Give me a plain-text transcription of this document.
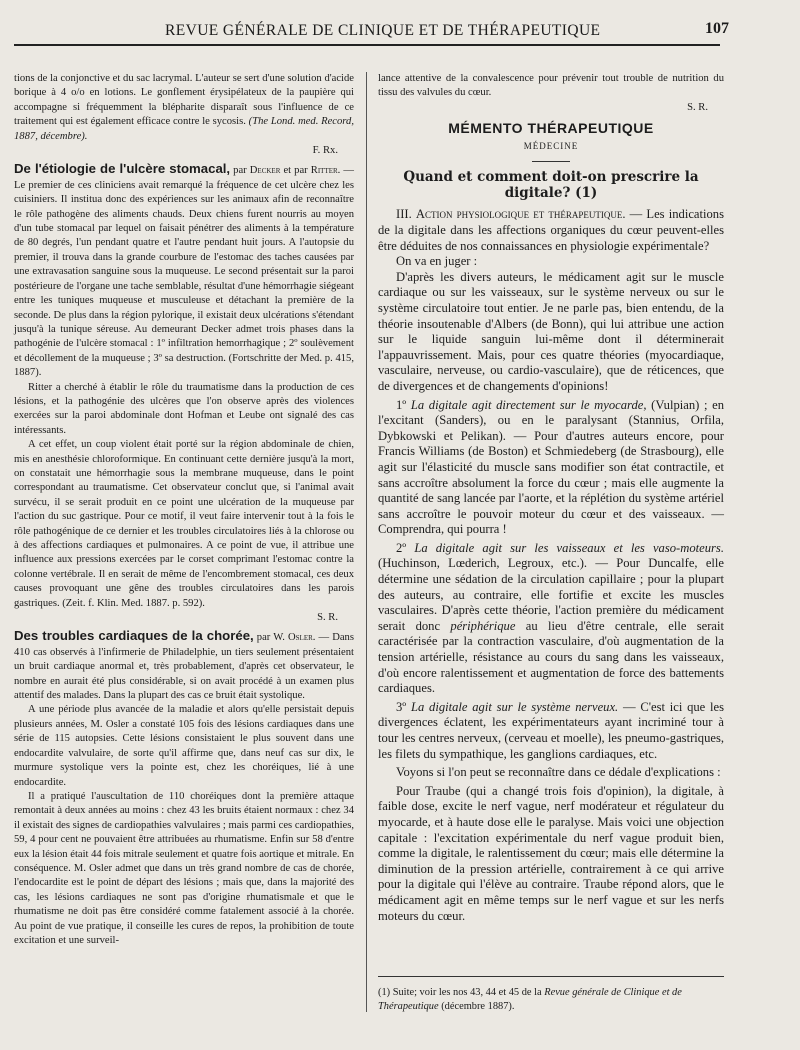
REVUE GÉNÉRALE DE CLINIQUE ET DE THÉRAPEUTIQUE	107

tions de la conjonctive et du sac lacrymal. L'auteur se sert d'une solution d'acide borique à 4 o/o en lotions. Le gonflement érysipélateux de la paupière qui accompagne si fréquemment la blépharite disparaît sous l'influence de ce traitement qui est également efficace contre le sycosis. (The Lond. med. Record, 1887, décembre).

F. Rx.

De l'étiologie de l'ulcère stomacal, par Decker et par Ritter. — Le premier de ces cliniciens avait remarqué la fréquence de cet ulcère chez les cuisiniers. Il institua donc des expériences sur les animaux afin de reconnaître le rôle pathogène des aliments chauds. Deux chiens furent nourris au moyen d'un tube stomacal par lequel on faisait pénétrer des aliments à la température de 80 degrés, l'un pendant quatre et l'autre pendant huit jours. A l'autopsie du premier, il trouva dans la grande courbure de l'estomac des taches causées par une extravasation sanguine sous la muqueuse. Le second présentait sur la paroi postérieure de l'organe une tache semblable, résultat d'une hémorrhagie siégeant entre les tuniques muqueuse et musculeuse et détachant la première de la seconde. De plus dans la région pylorique, il existait deux ulcérations s'étendant jusqu'à la tunique séreuse. Au demeurant Decker admet trois phases dans la pathogénie de l'ulcère stomacal : 1º infiltration hemorrhagique ; 2º soulèvement et décollement de la muqueuse ; 3º sa destruction. (Fortschritte der Med. p. 415, 1887).

Ritter a cherché à établir le rôle du traumatisme dans la production de ces lésions, et la pathogénie des ulcères que l'on observe après des violences exercées sur la paroi abdominale dont Hofman et Leube ont signalé des cas intéressants.

A cet effet, un coup violent était porté sur la région abdominale de chien, mis en anesthésie chloroformique. En continuant cette dernière jusqu'à la mort, on constatait une hémorrhagie sous la membrane muqueuse, dans le point correspondant au traumatisme. Cet observateur conclut que, si l'animal avait survécu, il se serait produit en ce point une ulcération de la muqueuse par l'action du suc gastrique. Pour ce motif, il veut faire intervenir tout à la fois le rôle pathogénique de ce dernier et les troubles circulatoires liés à la chlorose ou à des affections cardiaques et pulmonaires. A ce point de vue, il attribue une influence aux pressions exercées par le corset comprimant l'estomac contre la colonne vertébrale. Il en serait de même de l'encombrement stomacal, ces deux causes provoquant une gêne des troubles circulatoires dans les parois gastriques. (Zeit. f. Klin. Med. 1887. p. 592).

S. R.

Des troubles cardiaques de la chorée, par W. Osler. — Dans 410 cas observés à l'infirmerie de Philadelphie, un tiers seulement présentaient un bruit cardiaque anormal et, très probablement, d'après cet observateur, le nombre en aurait été plus considérable, si on avait procédé à un examen plus attentif des malades. Dans la plupart des cas ce bruit était systolique.

A une période plus avancée de la maladie et alors qu'elle persistait depuis plusieurs années, M. Osler a constaté 105 fois des lésions cardiaques dans une série de 115 autopsies. Cette lésions consistaient le plus souvent dans une endocardite valvulaire, de sorte qu'il affirme que, dans neuf cas sur dix, le murmure systolique vers la pointe est, chez les choréiques, lié à une endocardite.

Il a pratiqué l'auscultation de 110 choréiques dont la première attaque remontait à deux années au moins : chez 43 les bruits étaient normaux : chez 34 il existait des signes de cardiopathies valvulaires ; mais parmi ces cardiopathies, 59, 4 pour cent ne pouvaient être attribuées au rhumatisme. Enfin sur 58 d'entre eux la lésion était 44 fois mitrale seulement et quatre fois aortique et mitrale. En conséquence. M. Osler admet que dans un très grand nombre de cas de chorée, l'endocardite est le point de départ des lésions ; mais que, dans la majorité des cas, les lésions cardiaques ne sont pas d'origine rhumatismale et que le rhumatisme ne doit pas être considéré comme fatalement associé à la chorée. Au point de vue pratique, il conseille les cures de repos, la prohibition de toute excitation et une surveil-

lance attentive de la convalescence pour prévenir tout trouble de nutrition du tissu des valvules du cœur.

S. R.

MÉMENTO THÉRAPEUTIQUE
MÉDECINE
Quand et comment doit-on prescrire la digitale? (1)

III. Action physiologique et thérapeutique. — Les indications de la digitale dans les affections organiques du cœur peuvent-elles être déduites de nos connaissances en physiologie expérimentale?

On va en juger :

D'après les divers auteurs, le médicament agit sur le muscle cardiaque ou sur les vaisseaux, sur le système nerveux ou sur le système circulatoire tout entier. Je ne parle pas, bien entendu, de la théorie insoutenable d'Albers (de Bonn), qui lui attribue une action sur le liquide sanguin lui-même dont il déterminerait l'appauvrissement. Mais, pour ces quatre théories (myocardiaque, vasculaire, nerveuse, ou cardio-vasculaire), que de réticences, que de divergences et de changements d'opinions!

1º La digitale agit directement sur le myocarde, (Vulpian) ; en l'excitant (Sanders), ou en le paralysant (Stannius, Orfila, Dybkowski et Pelikan). — Pour d'autres auteurs encore, pour Francis Williams (de Boston) et Schmiedeberg (de Strasbourg), elle agit sur l'élasticité du muscle sans modifier son état contractile, et sans accroître absolument la force du cœur ; mais elle augmente la quantité de sang lancée par l'aorte, et la réplétion du système artériel sans accroître le pouvoir moteur du cœur et des vaisseaux. — Comprendra, qui pourra !

2º La digitale agit sur les vaisseaux et les vaso-moteurs. (Huchinson, Lœderich, Legroux, etc.). — Pour Duncalfe, elle détermine une sédation de la circulation capillaire ; pour la plupart des auteurs, au contraire, elle fortifie et excite les muscles vasculaires. D'après cette théorie, l'action première du médicament serait donc périphérique au lieu d'être centrale, elle serait caractérisée par la contraction vasculaire, d'où augmentation de la tension artérielle, résistance au cours du sang dans les vaisseaux, d'où encore ralentissement et augmentation de force des battements cardiaques.

3º La digitale agit sur le système nerveux. — C'est ici que les divergences éclatent, les expérimentateurs ayant incriminé tour à tour les centres nerveux, (cerveau et moelle), les pneumo-gastriques, les filets du sympathique, les ganglions cardiaques, etc.

Voyons si l'on peut se reconnaître dans ce dédale d'explications :

Pour Traube (qui a changé trois fois d'opinion), la digitale, à faible dose, excite le nerf vague, nerf modérateur et régulateur du myocarde, et à haute dose elle le paralyse. Mais voici une objection capitale : l'excitation expérimentale du nerf vague produit bien, comme la digitale, le ralentissement du cœur; mais elle détermine la diminution de la pression artérielle, contrairement à ce qui arrive pour la digitale qui l'élève au contraire. Traube répond alors, que le médicament agit en même temps sur le nerf vague et sur les nerfs moteurs du cœur.

(1) Suite; voir les nos 43, 44 et 45 de la Revue générale de Clinique et de Thérapeutique (décembre 1887).
